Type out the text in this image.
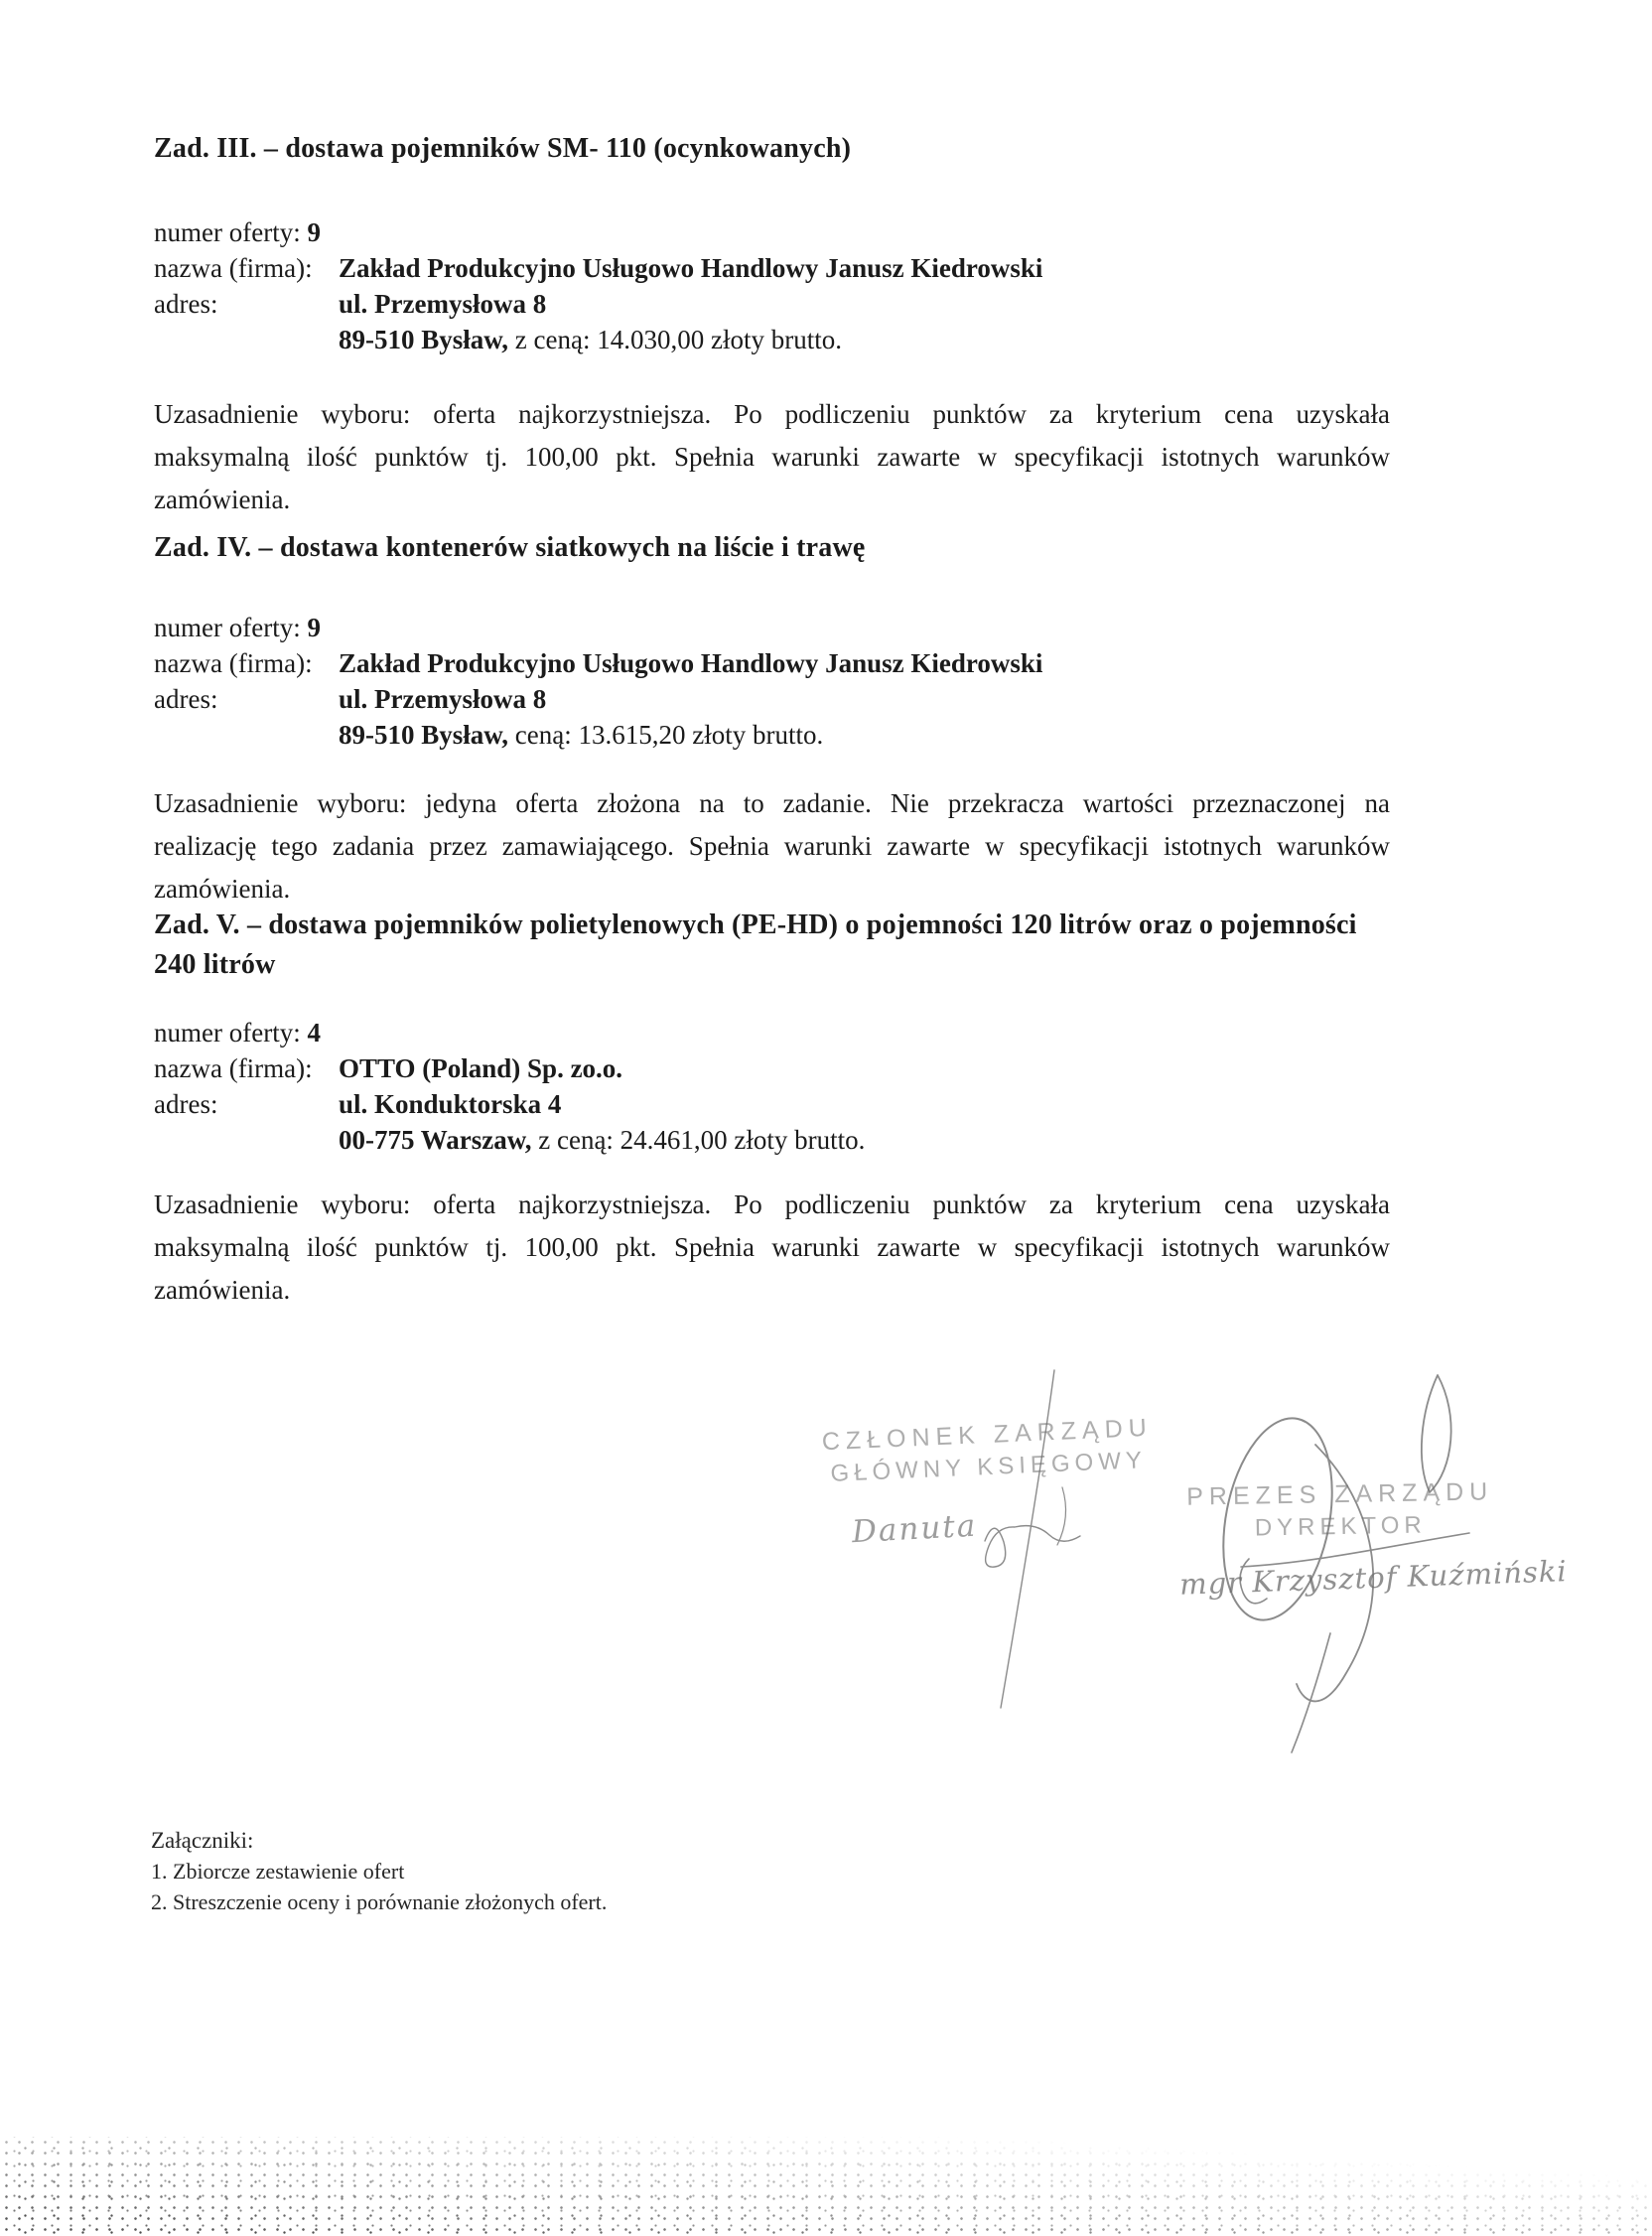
Zad. III. – dostawa pojemników SM- 110 (ocynkowanych)
numer oferty: 9
nazwa (firma): Zakład Produkcyjno Usługowo Handlowy Janusz Kiedrowski
adres:	ul. Przemysłowa 8
89-510 Bysław, z ceną: 14.030,00 złoty brutto.

Uzasadnienie wyboru: oferta najkorzystniejsza. Po podliczeniu punktów za kryterium cena uzyskała maksymalną ilość punktów tj. 100,00 pkt. Spełnia warunki zawarte w specyfikacji istotnych warunków zamówienia.

Zad. IV. – dostawa kontenerów siatkowych na liście i trawę
numer oferty: 9
nazwa (firma): Zakład Produkcyjno Usługowo Handlowy Janusz Kiedrowski
adres:	ul. Przemysłowa 8
89-510 Bysław, ceną: 13.615,20 złoty brutto.

Uzasadnienie wyboru: jedyna oferta złożona na to zadanie. Nie przekracza wartości przeznaczonej na realizację tego zadania przez zamawiającego. Spełnia warunki zawarte w specyfikacji istotnych warunków zamówienia.

Zad. V. – dostawa pojemników polietylenowych (PE-HD) o pojemności 120 litrów oraz o pojemności 240 litrów
numer oferty: 4
nazwa (firma): OTTO (Poland) Sp. zo.o.
adres:	ul. Konduktorska 4
00-775 Warszaw, z ceną: 24.461,00 złoty brutto.

Uzasadnienie wyboru: oferta najkorzystniejsza. Po podliczeniu punktów za kryterium cena uzyskała maksymalną ilość punktów tj. 100,00 pkt. Spełnia warunki zawarte w specyfikacji istotnych warunków zamówienia.

CZŁONEK ZARZĄDU
GŁÓWNY KSIĘGOWY
Danuta
PREZES ZARZĄDU
DYREKTOR
mgr Krzysztof Kuźmiński
Załączniki:
1. Zbiorcze zestawienie ofert
2. Streszczenie oceny i porównanie złożonych ofert.
